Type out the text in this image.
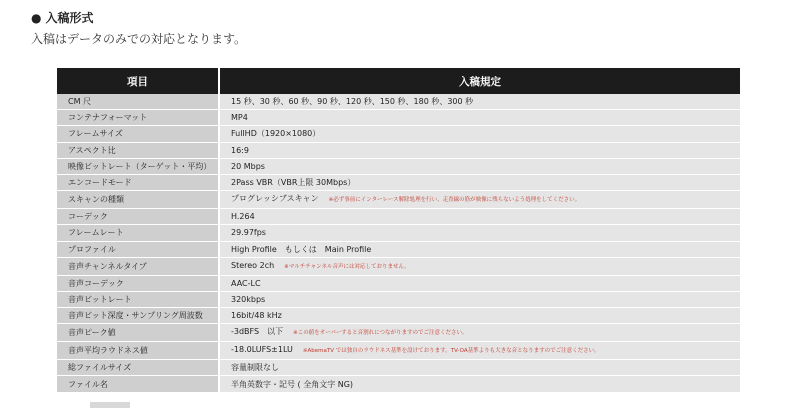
● 入稿形式
入稿はデータのみでの対応となります。
項目	入稿規定
CM 尺	15 秒、30 秒、60 秒、90 秒、120 秒、150 秒、180 秒、300 秒
コンテナフォーマット	MP4
フレームサイズ	FullHD（1920×1080）
アスペクト比	16:9
映像ビットレート（ターゲット・平均）	20 Mbps
エンコードモード	2Pass VBR（VBR上限 30Mbps）
スキャンの種類	プログレッシブスキャン ※必ず事前にインターレース解除処理を行い、走査線の筋が映像に残らないよう処理をしてください。
コーデック	H.264
フレームレート	29.97fps
プロファイル	High Profile　もしくは　Main Profile
音声チャンネルタイプ	Stereo 2ch ※マルチチャンネル音声には対応しておりません。
音声コーデック	AAC-LC
音声ビットレート	320kbps
音声ビット深度・サンプリング周波数	16bit/48 kHz
音声ピーク値	-3dBFS　以下 ※この値をオーバーすると音割れにつながりますのでご注意ください。
音声平均ラウドネス値	-18.0LUFS±1LU ※AbemaTV では独自のラウドネス基準を設けております。TV-OA基準よりも大きな音となりますのでご注意ください。
総ファイルサイズ	容量制限なし
ファイル名	半角英数字・記号 ( 全角文字 NG)
